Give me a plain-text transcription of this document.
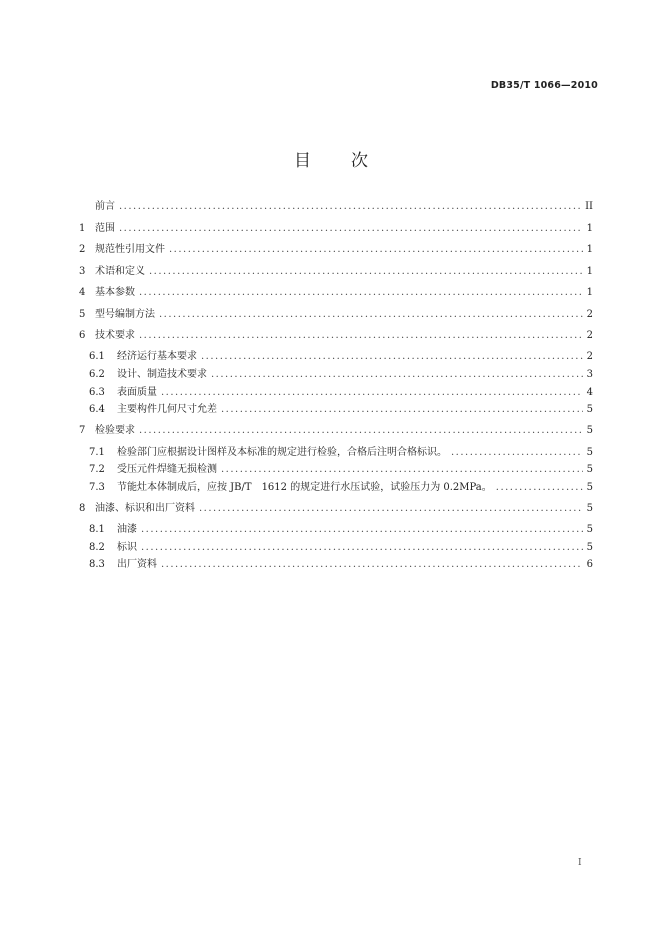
DB35/T 1066—2010
目 次
前言 .....	II
1 范围 .....	1
2 规范性引用文件 .....	1
3 术语和定义 .....	1
4 基本参数 .....	1
5 型号编制方法 .....	2
6 技术要求 .....	2
6.1	经济运行基本要求 .....	2
6.2	设计、制造技术要求 .....	3
6.3	表面质量 .....	4
6.4	主要构件几何尺寸允差 .....	5
7 检验要求 .....	5
7.1	检验部门应根据设计图样及本标准的规定进行检验，合格后注明合格标识。 .....	5
7.2	受压元件焊缝无损检测 .....	5
7.3	节能灶本体制成后，应按 JB/T　1612 的规定进行水压试验，试验压力为 0.2MPa。 .....	5
8 油漆、标识和出厂资料 .....	5
8.1	油漆 .....	5
8.2	标识 .....	5
8.3	出厂资料 .....	6
I
